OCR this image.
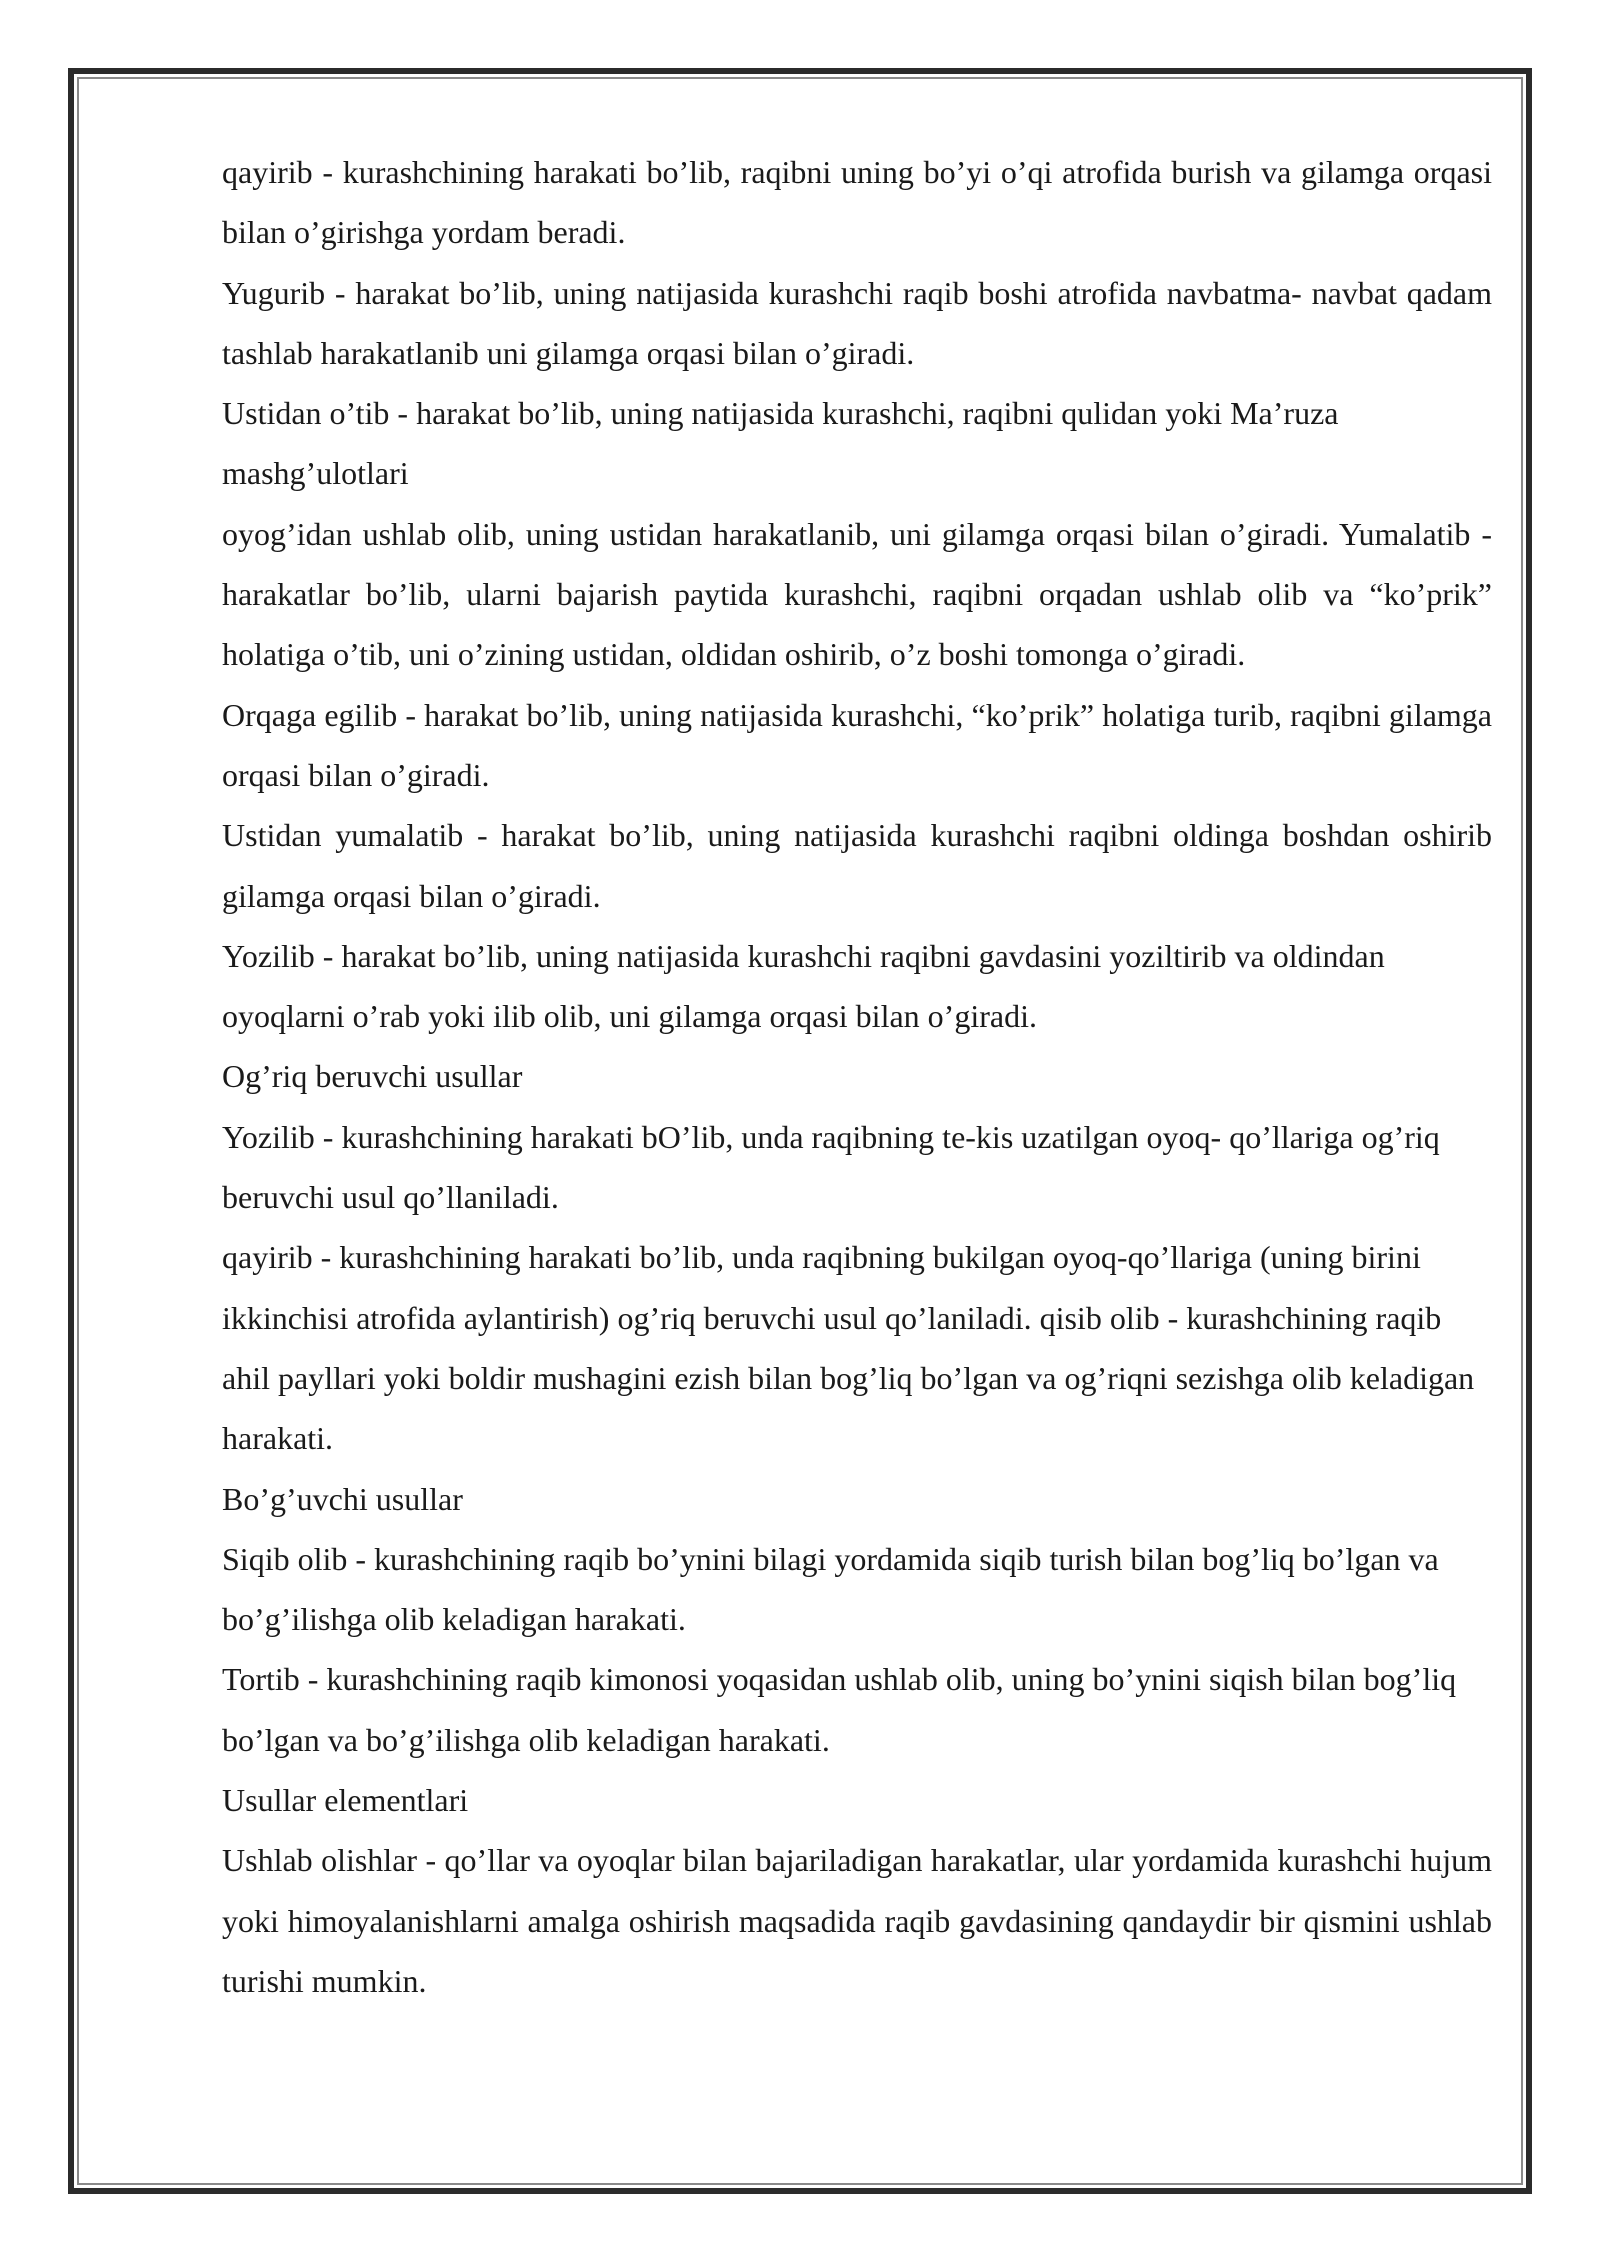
qayirib - kurashchining harakati bo’lib, raqibni uning bo’yi o’qi atrofida burish va gilamga orqasi bilan o’girishga yordam beradi.

Yugurib - harakat bo’lib, uning natijasida kurashchi raqib boshi atrofida navbatma- navbat qadam tashlab harakatlanib uni gilamga orqasi bilan o’giradi.

Ustidan o’tib - harakat bo’lib, uning natijasida kurashchi, raqibni qulidan yoki Ma’ruza mashg’ulotlari

oyog’idan ushlab olib, uning ustidan harakatlanib, uni gilamga orqasi bilan o’giradi. Yumalatib - harakatlar bo’lib, ularni bajarish paytida kurashchi, raqibni orqadan ushlab olib va “ko’prik” holatiga o’tib, uni o’zining ustidan, oldidan oshirib, o’z boshi tomonga o’giradi.

Orqaga egilib - harakat bo’lib, uning natijasida kurashchi, “ko’prik” holatiga turib, raqibni gilamga orqasi bilan o’giradi.

Ustidan yumalatib - harakat bo’lib, uning natijasida kurashchi raqibni oldinga boshdan oshirib gilamga orqasi bilan o’giradi.

Yozilib - harakat bo’lib, uning natijasida kurashchi raqibni gavdasini yoziltirib va oldindan oyoqlarni o’rab yoki ilib olib, uni gilamga orqasi bilan o’giradi.

Og’riq beruvchi usullar

Yozilib - kurashchining harakati bO’lib, unda raqibning te-kis uzatilgan oyoq- qo’llariga og’riq beruvchi usul qo’llaniladi.

qayirib - kurashchining harakati bo’lib, unda raqibning bukilgan oyoq-qo’llariga (uning birini ikkinchisi atrofida aylantirish) og’riq beruvchi usul qo’laniladi. qisib olib - kurashchining raqib ahil payllari yoki boldir mushagini ezish bilan bog’liq bo’lgan va og’riqni sezishga olib keladigan harakati.

Bo’g’uvchi usullar

Siqib olib - kurashchining raqib bo’ynini bilagi yordamida siqib turish bilan bog’liq bo’lgan va bo’g’ilishga olib keladigan harakati.

Tortib - kurashchining raqib kimonosi yoqasidan ushlab olib, uning bo’ynini siqish bilan bog’liq bo’lgan va bo’g’ilishga olib keladigan harakati.

Usullar elementlari

Ushlab olishlar - qo’llar va oyoqlar bilan bajariladigan harakatlar, ular yordamida kurashchi hujum yoki himoyalanishlarni amalga oshirish maqsadida raqib gavdasining qandaydir bir qismini ushlab turishi mumkin.
